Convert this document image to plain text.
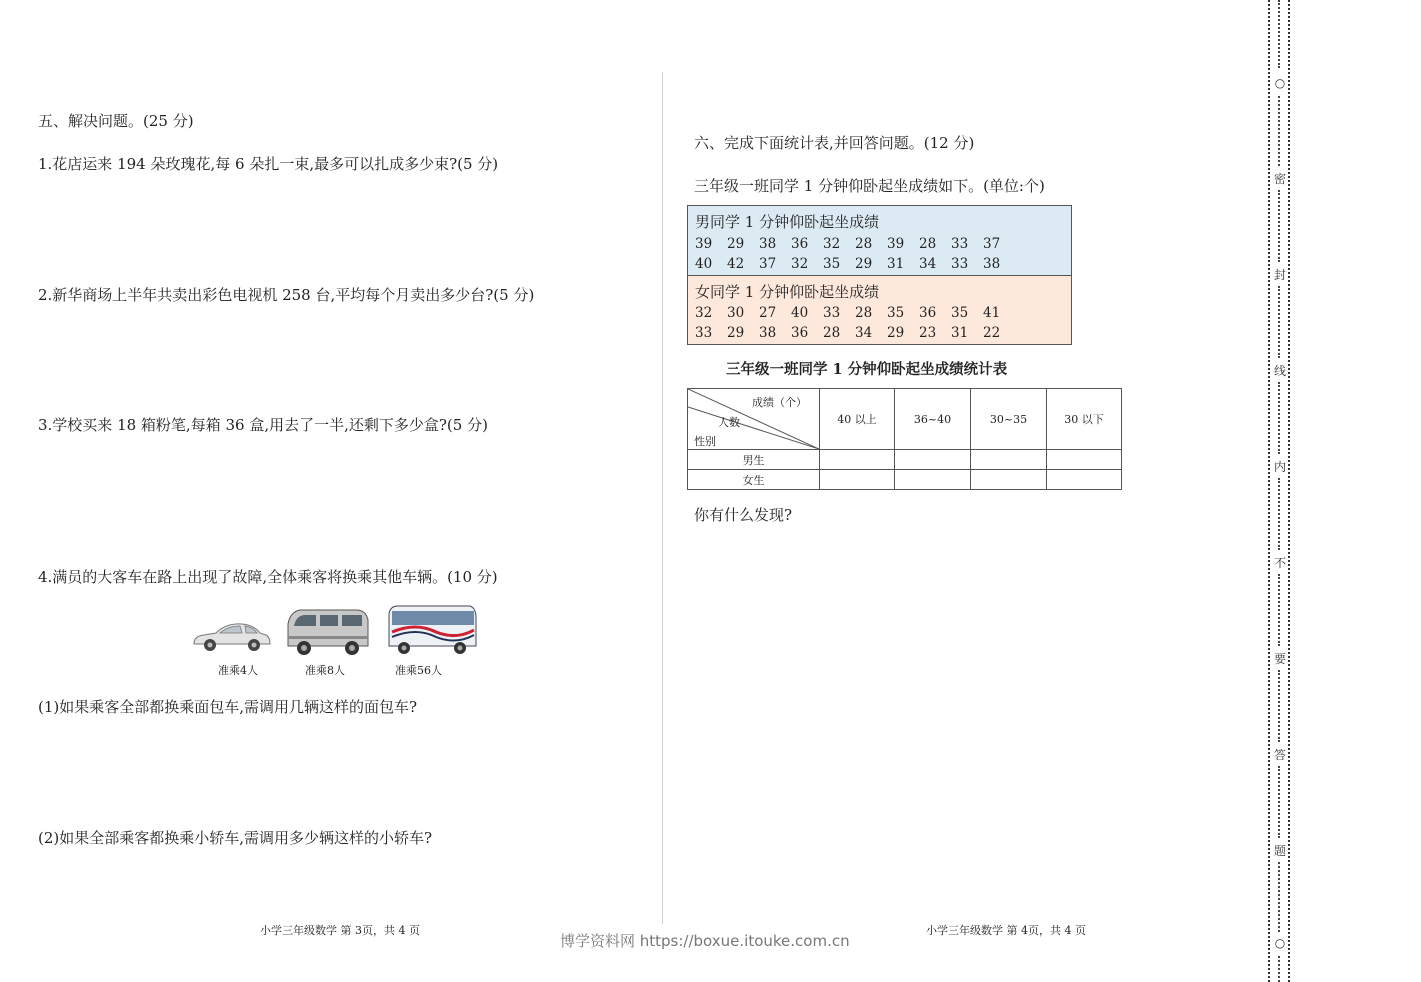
五、解决问题。(25 分)
1.花店运来 194 朵玫瑰花,每 6 朵扎一束,最多可以扎成多少束?(5 分)
2.新华商场上半年共卖出彩色电视机 258 台,平均每个月卖出多少台?(5 分)
3.学校买来 18 箱粉笔,每箱 36 盒,用去了一半,还剩下多少盒?(5 分)
4.满员的大客车在路上出现了故障,全体乘客将换乘其他车辆。(10 分)
准乘4人	准乘8人	准乘56人
(1)如果乘客全部都换乘面包车,需调用几辆这样的面包车?
(2)如果全部乘客都换乘小轿车,需调用多少辆这样的小轿车?
小学三年级数学 第 3页，共 4 页
六、完成下面统计表,并回答问题。(12 分)
三年级一班同学 1 分钟仰卧起坐成绩如下。(单位:个)
男同学 1 分钟仰卧起坐成绩
39	29	38	36	32	28	39	28	33	37
40	42	37	32	35	29	31	34	33	38
女同学 1 分钟仰卧起坐成绩
32	30	27	40	33	28	35	36	35	41
33	29	38	36	28	34	29	23	31	22
三年级一班同学 1 分钟仰卧起坐成绩统计表
成绩（个）
人数
性别	40 以上	36~40	30~35	30 以下
男生				
女生				
你有什么发现?
小学三年级数学 第 4页，共 4 页
博学资料网 https://boxue.itouke.com.cn
○
密
封
线
内
不
要
答
题
○
